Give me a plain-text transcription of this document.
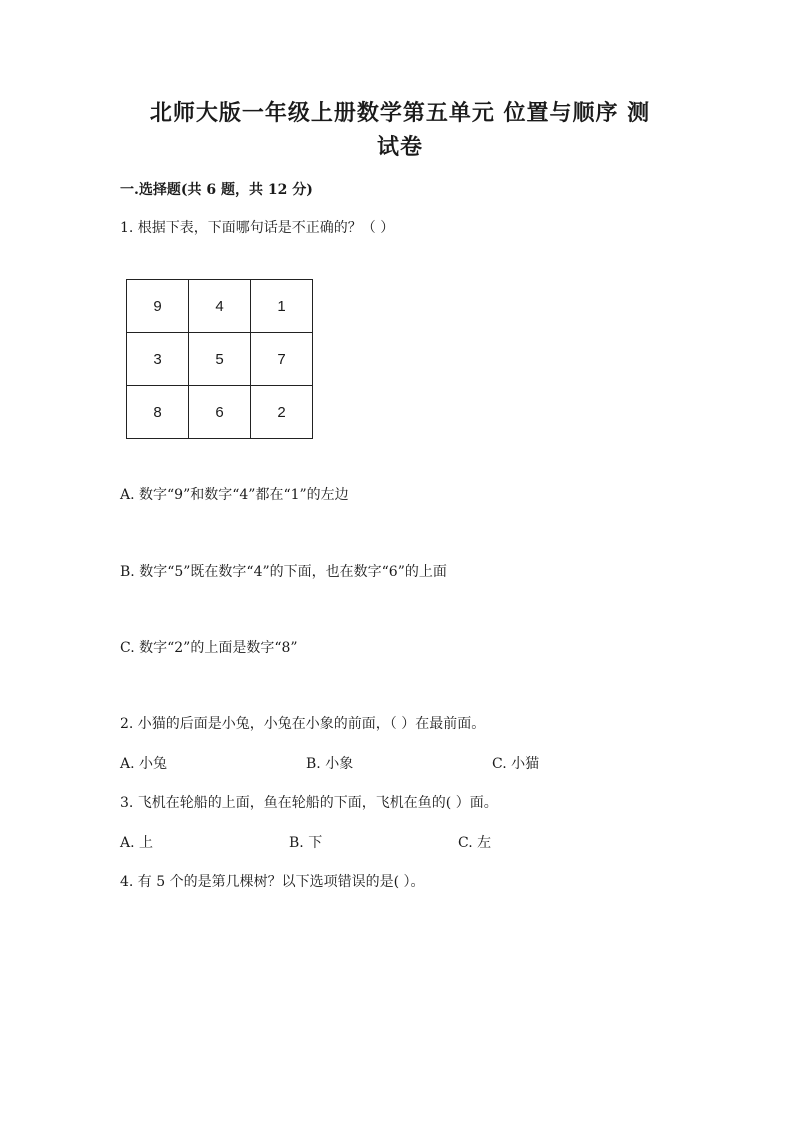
北师大版一年级上册数学第五单元 位置与顺序 测
试卷
一.选择题(共 6 题，共 12 分)
1. 根据下表，下面哪句话是不正确的？（ ）
9	4	1
3	5	7
8	6	2
A. 数字“9”和数字“4”都在“1”的左边
B. 数字“5”既在数字“4”的下面，也在数字“6”的上面
C. 数字“2”的上面是数字“8”
2. 小猫的后面是小兔，小兔在小象的前面，（ ）在最前面。
A. 小兔	B. 小象	C. 小猫
3. 飞机在轮船的上面，鱼在轮船的下面，飞机在鱼的( ）面。
A. 上	B. 下	C. 左
4. 有 5 个的是第几棵树？以下选项错误的是( ）。
